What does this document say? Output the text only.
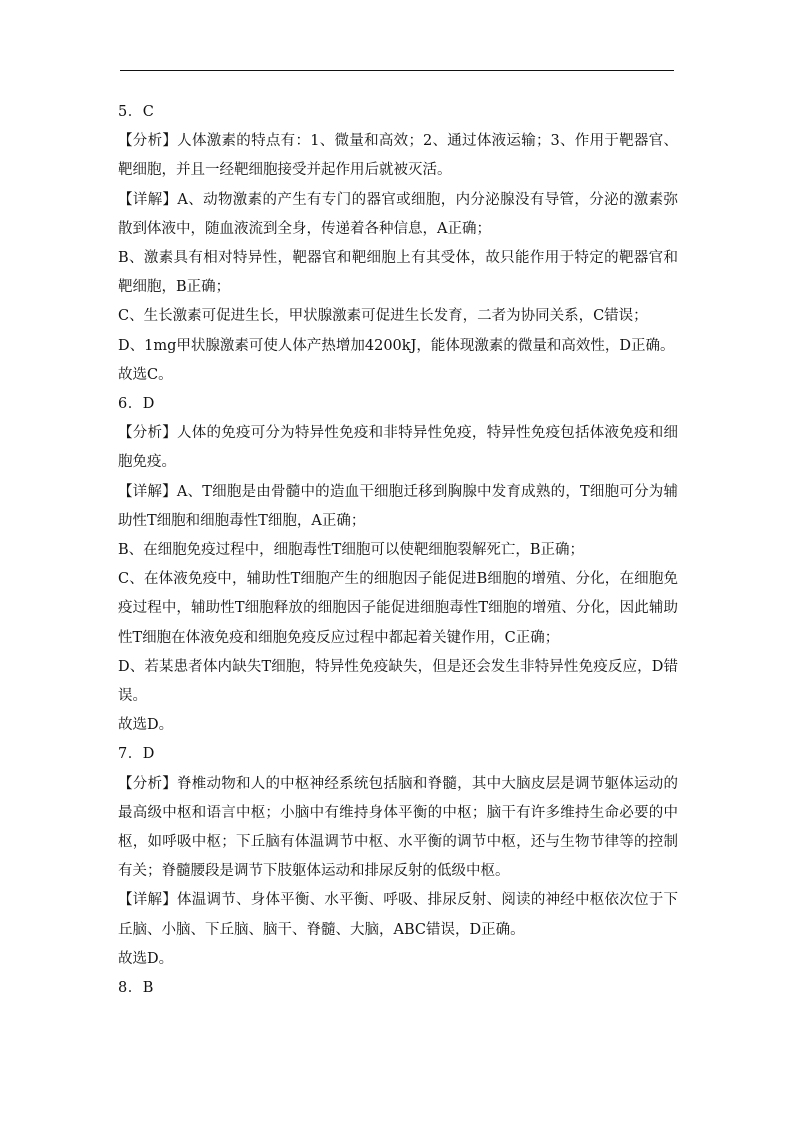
5．C

【分析】人体激素的特点有：1、微量和高效；2、通过体液运输；3、作用于靶器官、靶细胞，并且一经靶细胞接受并起作用后就被灭活。

【详解】A、动物激素的产生有专门的器官或细胞，内分泌腺没有导管，分泌的激素弥散到体液中，随血液流到全身，传递着各种信息，A正确；

B、激素具有相对特异性，靶器官和靶细胞上有其受体，故只能作用于特定的靶器官和靶细胞，B正确；

C、生长激素可促进生长，甲状腺激素可促进生长发育，二者为协同关系，C错误；

D、1mg甲状腺激素可使人体产热增加4200kJ，能体现激素的微量和高效性，D正确。

故选C。

6．D

【分析】人体的免疫可分为特异性免疫和非特异性免疫，特异性免疫包括体液免疫和细胞免疫。

【详解】A、T细胞是由骨髓中的造血干细胞迁移到胸腺中发育成熟的，T细胞可分为辅助性T细胞和细胞毒性T细胞，A正确；

B、在细胞免疫过程中，细胞毒性T细胞可以使靶细胞裂解死亡，B正确；

C、在体液免疫中，辅助性T细胞产生的细胞因子能促进B细胞的增殖、分化，在细胞免疫过程中，辅助性T细胞释放的细胞因子能促进细胞毒性T细胞的增殖、分化，因此辅助性T细胞在体液免疫和细胞免疫反应过程中都起着关键作用，C正确；

D、若某患者体内缺失T细胞，特异性免疫缺失，但是还会发生非特异性免疫反应，D错误。

故选D。

7．D

【分析】脊椎动物和人的中枢神经系统包括脑和脊髓，其中大脑皮层是调节躯体运动的最高级中枢和语言中枢；小脑中有维持身体平衡的中枢；脑干有许多维持生命必要的中枢，如呼吸中枢；下丘脑有体温调节中枢、水平衡的调节中枢，还与生物节律等的控制有关；脊髓腰段是调节下肢躯体运动和排尿反射的低级中枢。

【详解】体温调节、身体平衡、水平衡、呼吸、排尿反射、阅读的神经中枢依次位于下丘脑、小脑、下丘脑、脑干、脊髓、大脑，ABC错误，D正确。

故选D。

8．B
